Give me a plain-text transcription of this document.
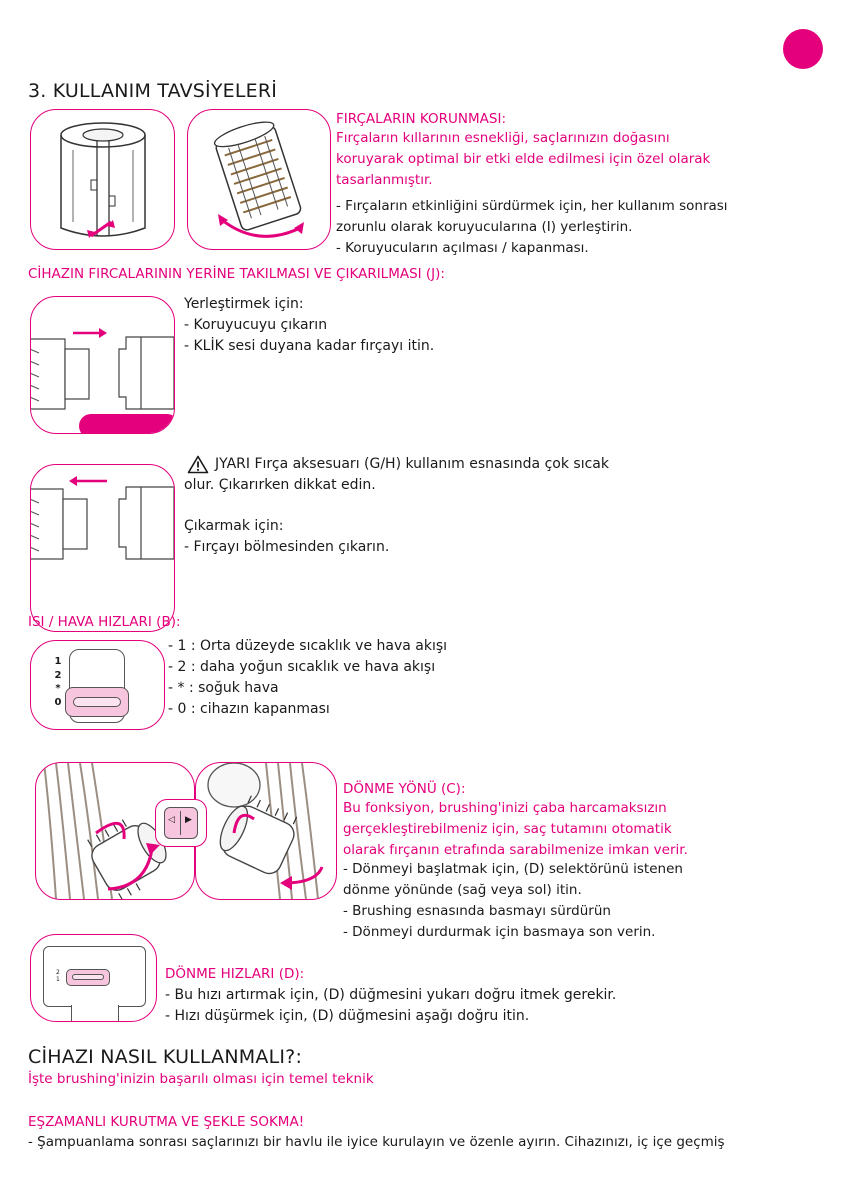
3. KULLANIM TAVSİYELERİ
FIRÇALARIN KORUNMASI:

Fırçaların kıllarının esnekliği, saçlarınızın doğasını

koruyarak optimal bir etki elde edilmesi için özel olarak

tasarlanmıştır.

- Fırçaların etkinliğini sürdürmek için, her kullanım sonrası

zorunlu olarak koruyucularına (I) yerleştirin.

- Koruyucuların açılması / kapanması.

CİHAZIN FIRCALARININ YERİNE TAKILMASI VE ÇIKARILMASI (J):

Yerleştirmek için:

- Koruyucuyu çıkarın

- KLİK sesi duyana kadar fırçayı itin.

JYARI Fırça aksesuarı (G/H) kullanım esnasında çok sıcak
olur. Çıkarırken dikkat edin.

Çıkarmak için:

- Fırçayı bölmesinden çıkarın.

ISI / HAVA HIZLARI (B):
1
2
*
0

- 1 : Orta düzeyde sıcaklık ve hava akışı

- 2 : daha yoğun sıcaklık ve hava akışı

- * : soğuk hava

- 0 : cihazın kapanması

◁ ▶
DÖNME YÖNÜ (C):

Bu fonksiyon, brushing'inizi çaba harcamaksızın

gerçekleştirebilmeniz için, saç tutamını otomatik

olarak fırçanın etrafında sarabilmenize imkan verir.

- Dönmeyi başlatmak için, (D) selektörünü istenen

dönme yönünde (sağ veya sol) itin.

- Brushing esnasında basmayı sürdürün

- Dönmeyi durdurmak için basmaya son verin.

2
1	DÖNME HIZLARI (D):

- Bu hızı artırmak için, (D) düğmesini yukarı doğru itmek gerekir.

- Hızı düşürmek için, (D) düğmesini aşağı doğru itin.

CİHAZI NASIL KULLANMALI?:
İşte brushing'inizin başarılı olması için temel teknik
EŞZAMANLI KURUTMA VE ŞEKLE SOKMA!
- Şampuanlama sonrası saçlarınızı bir havlu ile iyice kurulayın ve özenle ayırın. Cihazınızı, iç içe geçmiş
